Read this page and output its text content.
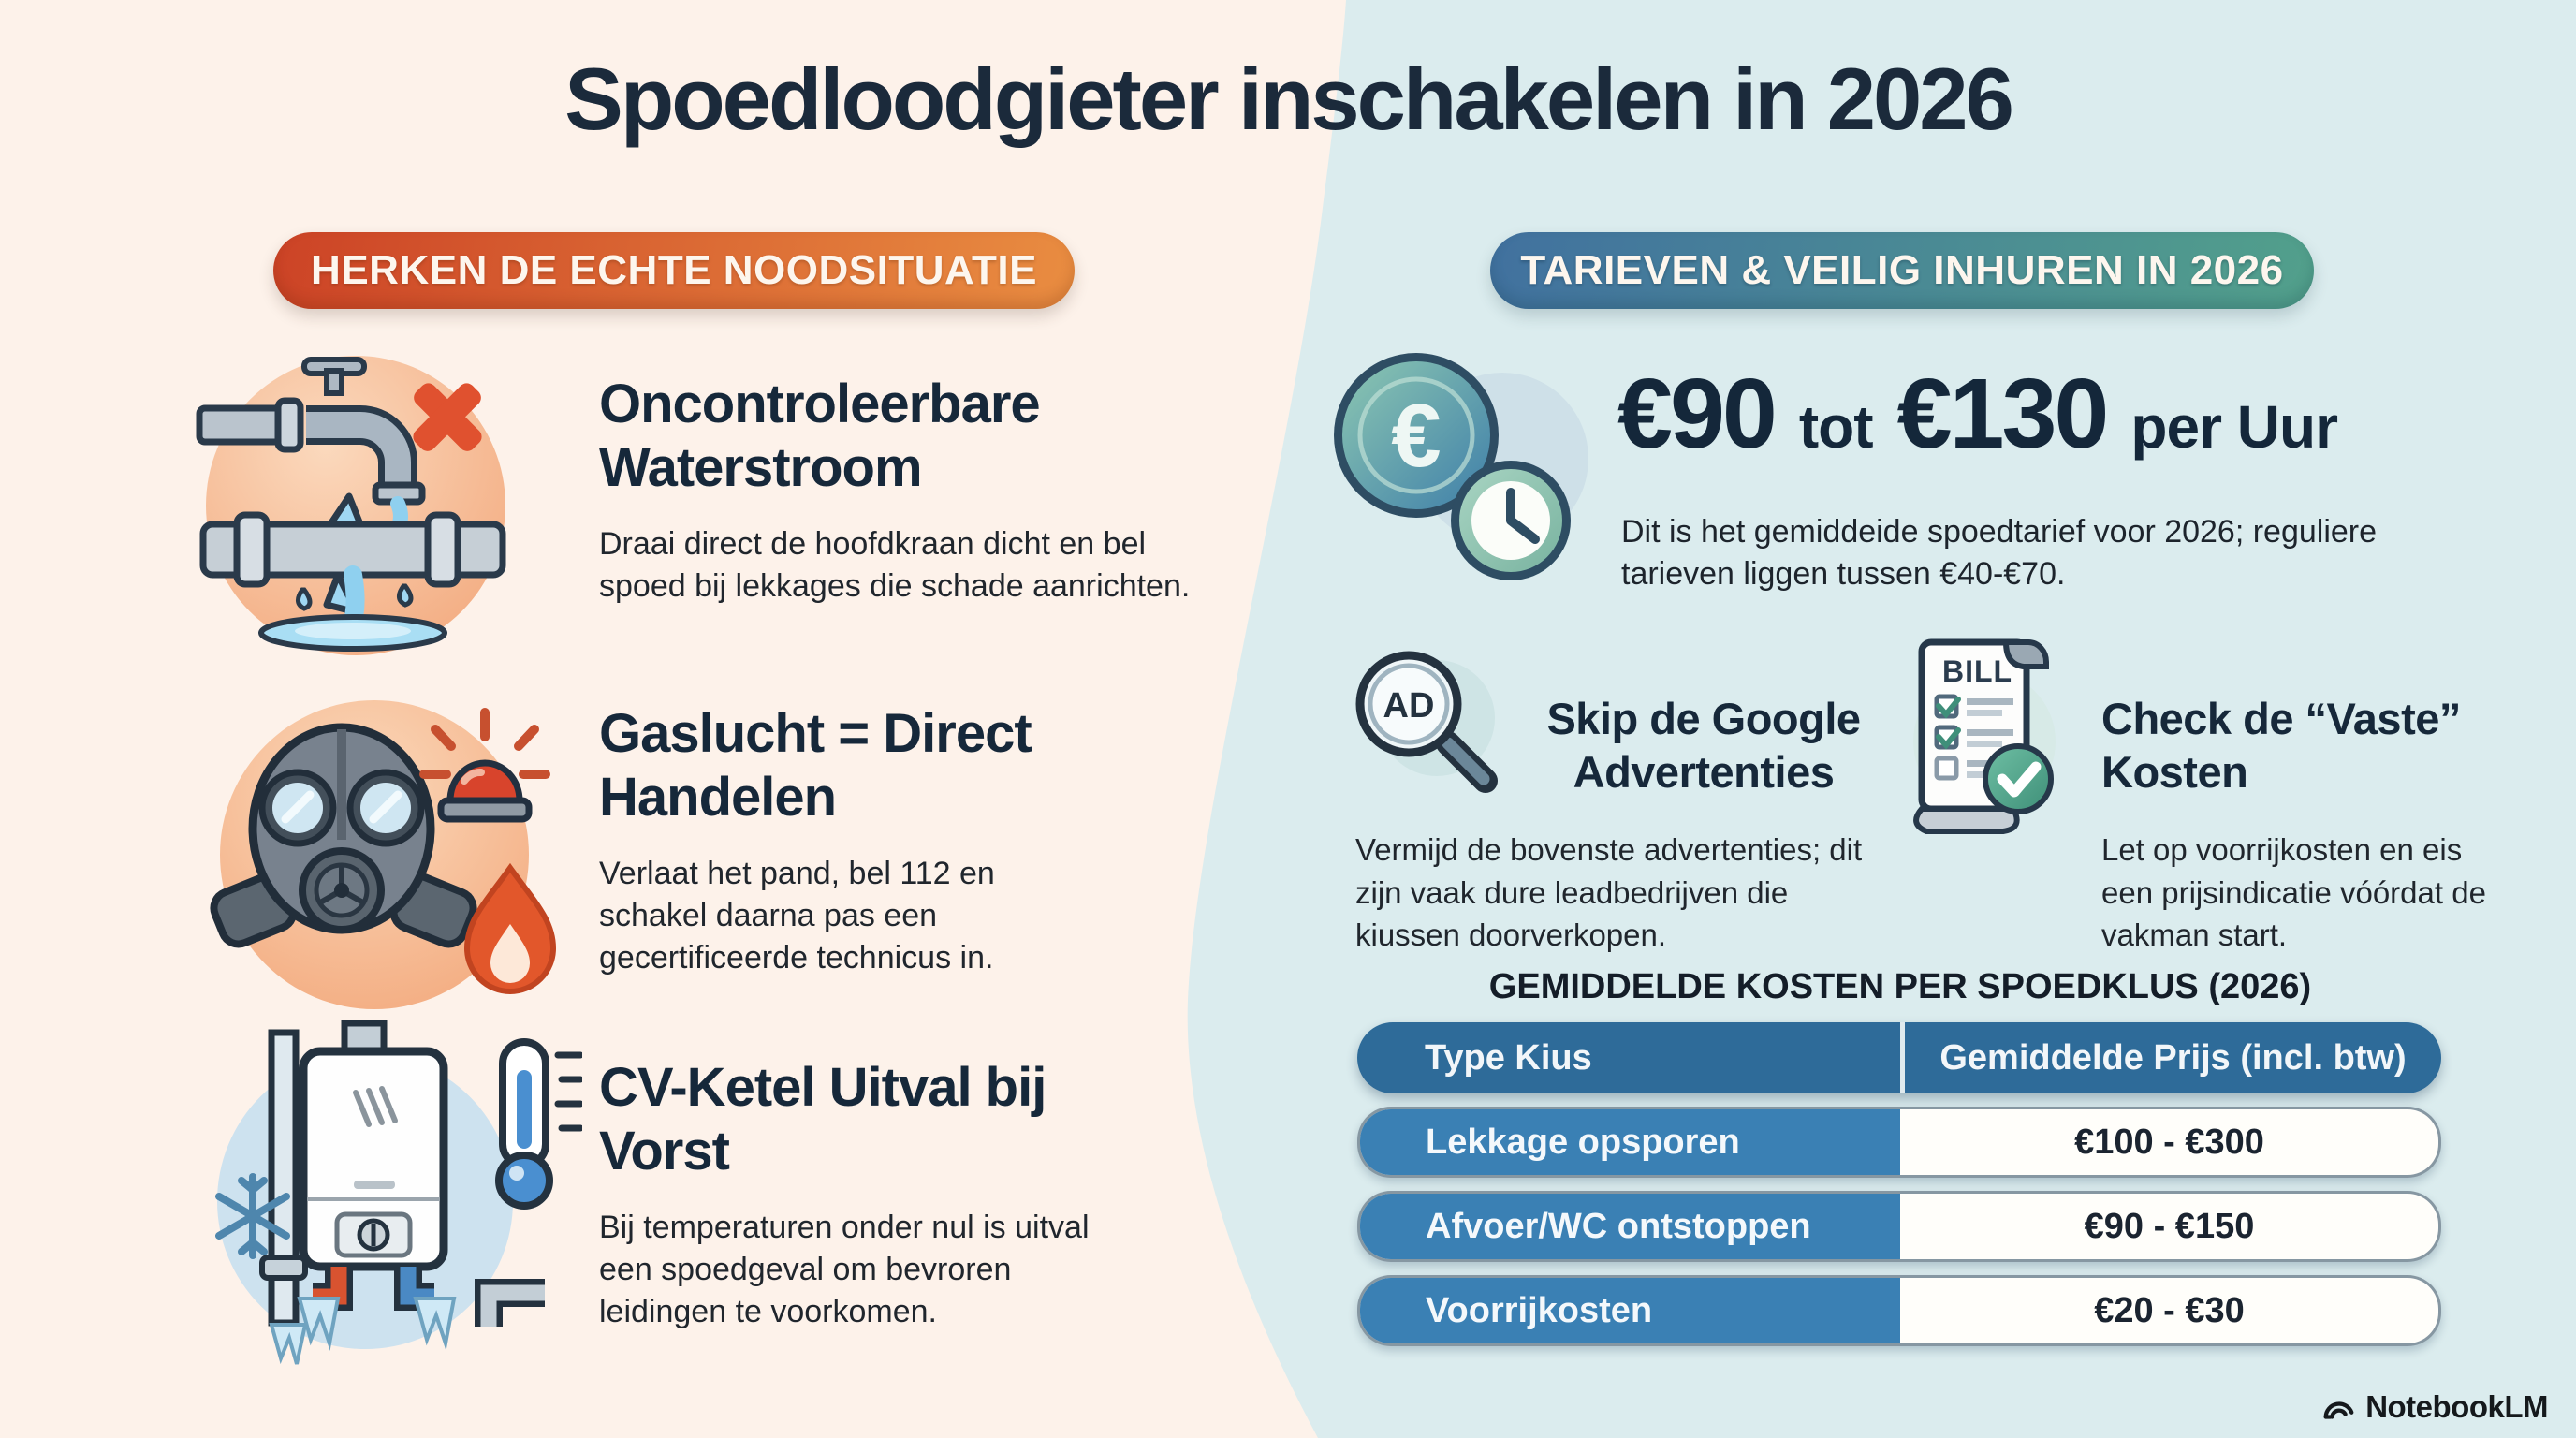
Spoedloodgieter inschakelen in 2026
HERKEN DE ECHTE NOODSITUATIE	TARIEVEN & VEILIG INHUREN IN 2026
Oncontroleerbare Waterstroom

Draai direct de hoofdkraan dicht en bel spoed bij lekkages die schade aanrichten.

Gaslucht = Direct Handelen

Verlaat het pand, bel 112 en schakel daarna pas een gecertificeerde technicus in.

CV-Ketel Uitval bij Vorst

Bij temperaturen onder nul is uitval een spoedgeval om bevroren leidingen te voorkomen.

€ €90 tot €130 per Uur

Dit is het gemiddeide spoedtarief voor 2026; reguliere tarieven liggen tussen €40-€70.

AD	Skip de Google Advertenties

Vermijd de bovenste advertenties; dit zijn vaak dure leadbedrijven die kiussen doorverkopen.

BILL
Check de “Vaste” Kosten

Let op voorrijkosten en eis een prijsindicatie vóórdat de vakman start.

GEMIDDELDE KOSTEN PER SPOEDKLUS (2026)
Type Kius	Gemiddelde Prijs (incl. btw)
Lekkage opsporen	€100 - €300
Afvoer/WC ontstoppen	€90 - €150
Voorrijkosten	€20 - €30
NotebookLM
